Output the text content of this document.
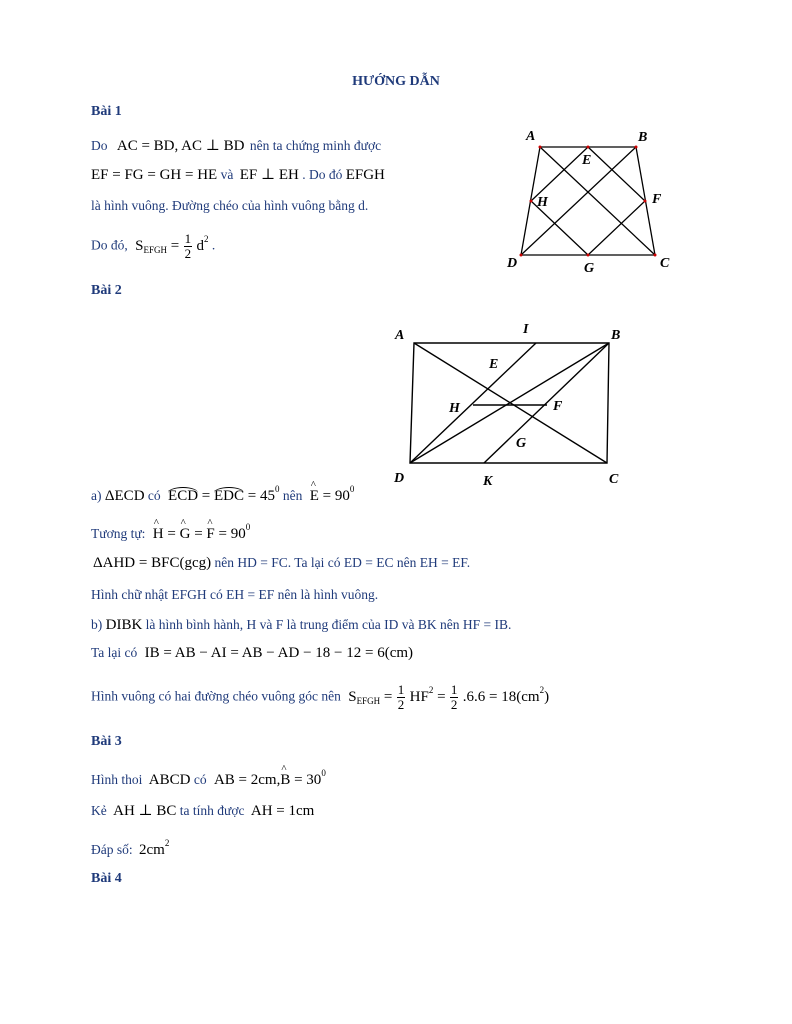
HƯỚNG DẪN
Bài 1
Do AC = BD, AC ⊥ BD nên ta chứng minh được
EF = FG = GH = HE và EF ⊥ EH . Do đó EFGH
là hình vuông. Đường chéo của hình vuông bằng d.
Do đó, $S_{EFGH} = \frac{1}{2} d^2$ .
A	B
C
D
E
F
G
H
Bài 2
A	I	B
E
H	F
G
D	K	C
a) ΔECD có ECD = EDC = $45^0$ nên ^ $E = 90^0$
Tương tự: ^ H = ^ G = ^ $F = 90^0$
ΔAHD = BFC(gcg) nên HD = FC. Ta lại có ED = EC nên EH = EF.
Hình chữ nhật EFGH có EH = EF nên là hình vuông.
b) DIBK là hình bình hành, H và F là trung điểm của ID và BK nên HF = IB.
Ta lại có IB = AB − AI = AB − AD − 18 − 12 = 6(cm)
Hình vuông có hai đường chéo vuông góc nên $S_{EFGH} = \frac{1}{2} HF^2 = \frac{1}{2} .6.6 = 18(cm^2)$
Bài 3
Hình thoi ABCD có AB = 2cm,^ $B = 30^0$
Kẻ AH ⊥ BC ta tính được AH = 1cm
Đáp số: $2cm^2$
Bài 4
